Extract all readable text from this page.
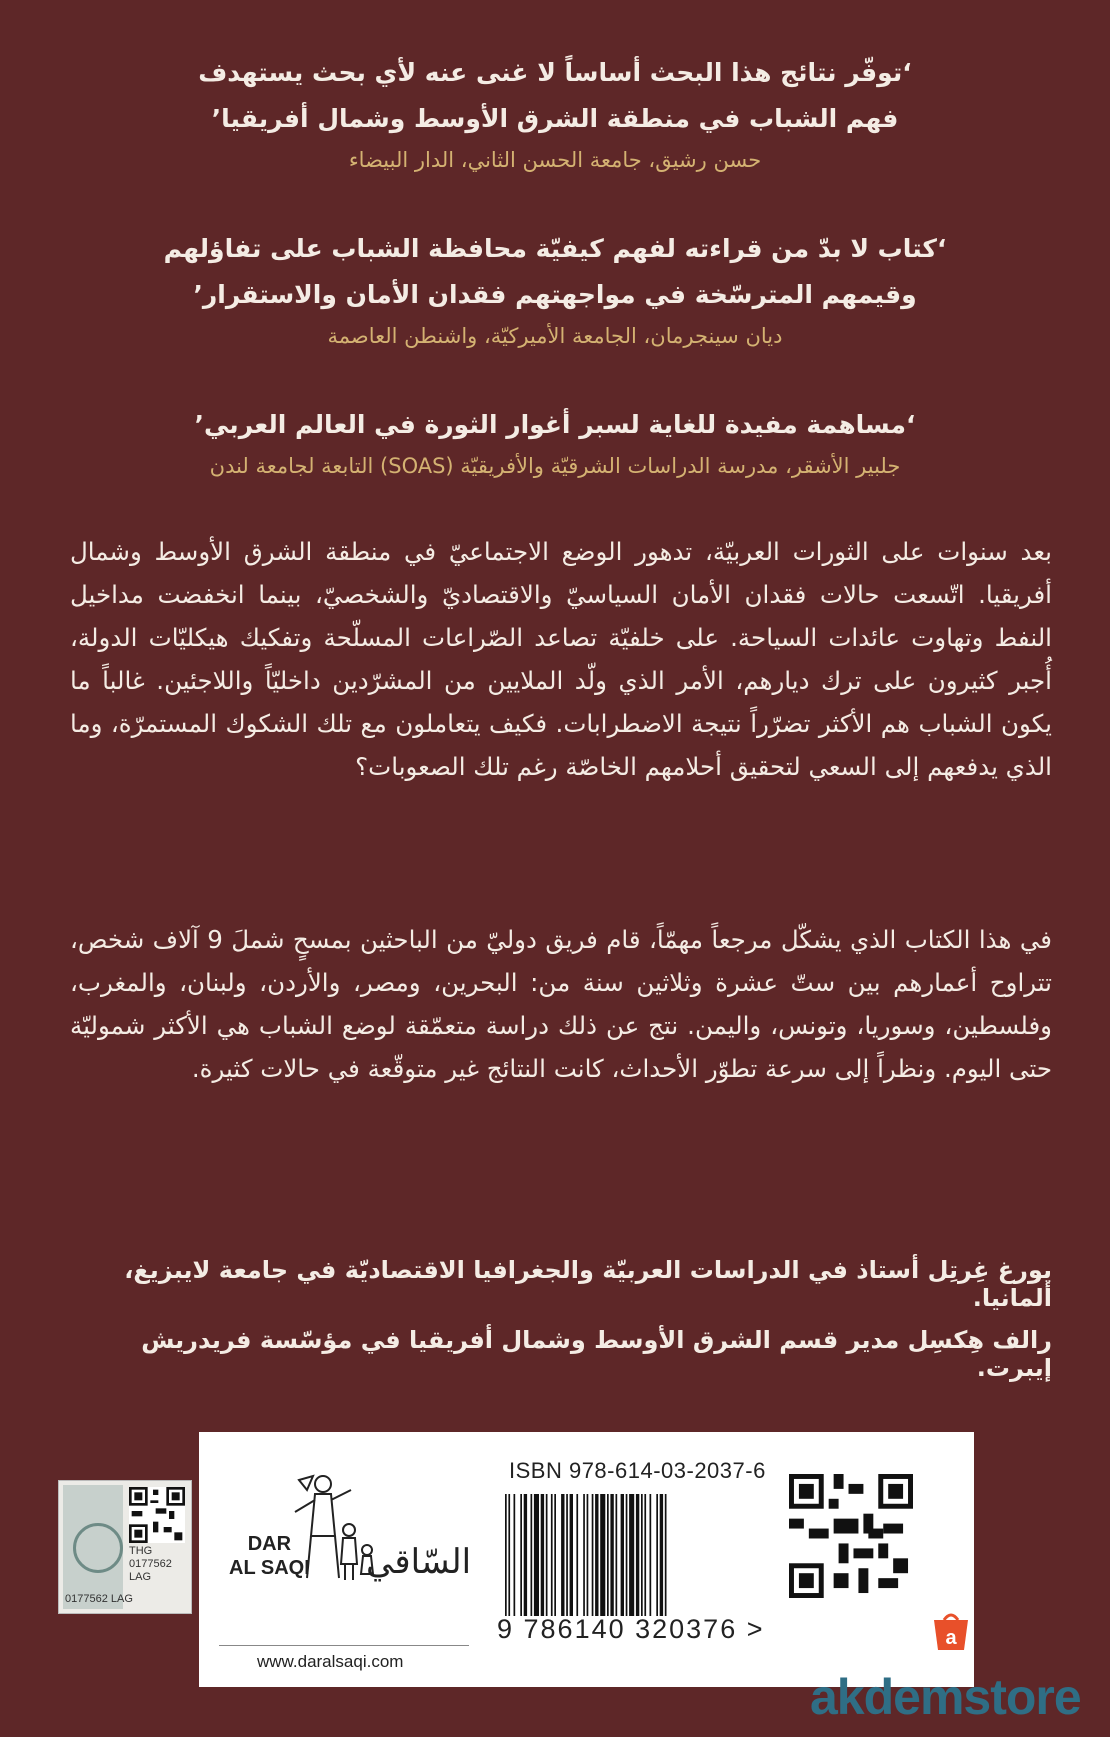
‘توفّر نتائج هذا البحث أساساً لا غنى عنه لأي بحث يستهدف
فهم الشباب في منطقة الشرق الأوسط وشمال أفريقيا’
حسن رشيق، جامعة الحسن الثاني، الدار البيضاء
‘كتاب لا بدّ من قراءته لفهم كيفيّة محافظة الشباب على تفاؤلهم
وقيمهم المترسّخة في مواجهتهم فقدان الأمان والاستقرار’
ديان سينجرمان، الجامعة الأميركيّة، واشنطن العاصمة
‘مساهمة مفيدة للغاية لسبر أغوار الثورة في العالم العربي’
جلبير الأشقر، مدرسة الدراسات الشرقيّة والأفريقيّة (SOAS) التابعة لجامعة لندن
بعد سنوات على الثورات العربيّة، تدهور الوضع الاجتماعيّ في منطقة الشرق الأوسط وشمال أفريقيا. اتّسعت حالات فقدان الأمان السياسيّ والاقتصاديّ والشخصيّ، بينما انخفضت مداخيل النفط وتهاوت عائدات السياحة. على خلفيّة تصاعد الصّراعات المسلّحة وتفكيك هيكليّات الدولة، أُجبر كثيرون على ترك ديارهم، الأمر الذي ولّد الملايين من المشرّدين داخليّاً واللاجئين. غالباً ما يكون الشباب هم الأكثر تضرّراً نتيجة الاضطرابات. فكيف يتعاملون مع تلك الشكوك المستمرّة، وما الذي يدفعهم إلى السعي لتحقيق أحلامهم الخاصّة رغم تلك الصعوبات؟
في هذا الكتاب الذي يشكّل مرجعاً مهمّاً، قام فريق دوليّ من الباحثين بمسحٍ شملَ 9 آلاف شخص، تتراوح أعمارهم بين ستّ عشرة وثلاثين سنة من: البحرين، ومصر، والأردن، ولبنان، والمغرب، وفلسطين، وسوريا، وتونس، واليمن. نتج عن ذلك دراسة متعمّقة لوضع الشباب هي الأكثر شموليّة حتى اليوم. ونظراً إلى سرعة تطوّر الأحداث، كانت النتائج غير متوقّعة في حالات كثيرة.
يورغ غِرتِل أستاذ في الدراسات العربيّة والجغرافيا الاقتصاديّة في جامعة لايبزيغ، ألمانيا.
رالف هِكسِل مدير قسم الشرق الأوسط وشمال أفريقيا في مؤسّسة فريدريش إيبرت.
THG
0177562
LAG
0177562 LAG
DAR
AL SAQI السّاقي
www.daralsaqi.com
ISBN 978-614-03-2037-6
9 786140 320376 >	a
akdemstore
